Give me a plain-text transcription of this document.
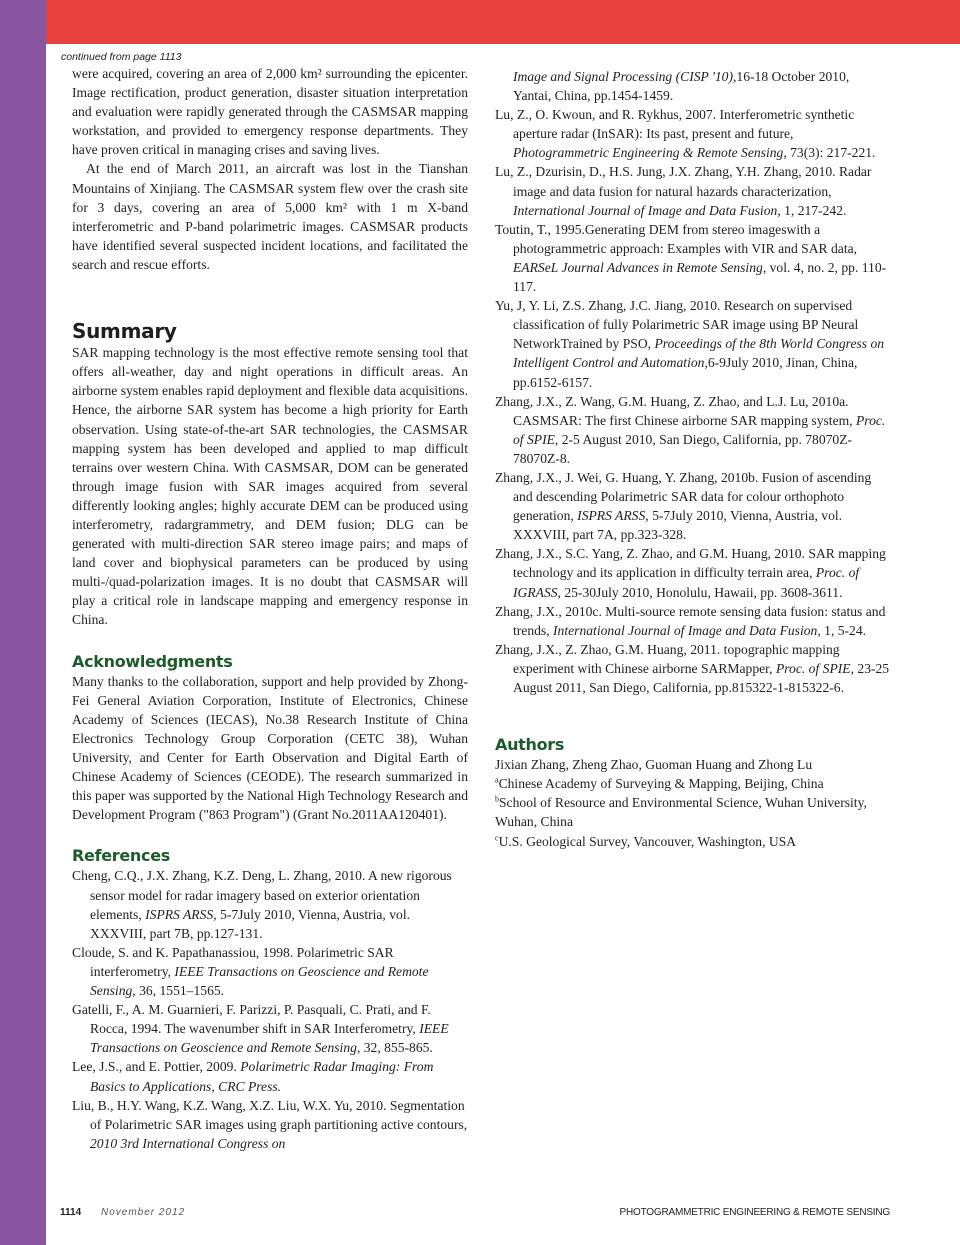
continued from page 1113

were acquired, covering an area of 2,000 km² surrounding the epicenter. Image rectification, product generation, disaster situation interpretation and evaluation were rapidly generated through the CASMSAR mapping workstation, and provided to emergency response departments. They have proven critical in managing crises and saving lives.

At the end of March 2011, an aircraft was lost in the Tianshan Mountains of Xinjiang. The CASMSAR system flew over the crash site for 3 days, covering an area of 5,000 km² with 1 m X-band interferometric and P-band polarimetric images. CASMSAR products have identified several suspected incident locations, and facilitated the search and rescue efforts.

Summary

SAR mapping technology is the most effective remote sensing tool that offers all-weather, day and night operations in difficult areas. An airborne system enables rapid deployment and flexible data acquisitions. Hence, the airborne SAR system has become a high priority for Earth observation. Using state-of-the-art SAR technologies, the CASMSAR mapping system has been developed and applied to map difficult terrains over western China. With CASMSAR, DOM can be generated through image fusion with SAR images acquired from several differently looking angles; highly accurate DEM can be produced using interferometry, radargrammetry, and DEM fusion; DLG can be generated with multi-direction SAR stereo image pairs; and maps of land cover and biophysical parameters can be produced by using multi-/quad-polarization images. It is no doubt that CASMSAR will play a critical role in landscape mapping and emergency response in China.

Acknowledgments

Many thanks to the collaboration, support and help provided by Zhong-Fei General Aviation Corporation, Institute of Electronics, Chinese Academy of Sciences (IECAS), No.38 Research Institute of China Electronics Technology Group Corporation (CETC 38), Wuhan University, and Center for Earth Observation and Digital Earth of Chinese Academy of Sciences (CEODE). The research summarized in this paper was supported by the National High Technology Research and Development Program ("863 Program") (Grant No.2011AA120401).

References

Cheng, C.Q., J.X. Zhang, K.Z. Deng, L. Zhang, 2010. A new rigorous sensor model for radar imagery based on exterior orientation elements, ISPRS ARSS, 5-7July 2010, Vienna, Austria, vol. XXXVIII, part 7B, pp.127-131.

Cloude, S. and K. Papathanassiou, 1998. Polarimetric SAR interferometry, IEEE Transactions on Geoscience and Remote Sensing, 36, 1551–1565.

Gatelli, F., A. M. Guarnieri, F. Parizzi, P. Pasquali, C. Prati, and F. Rocca, 1994. The wavenumber shift in SAR Interferometry, IEEE Transactions on Geoscience and Remote Sensing, 32, 855-865.

Lee, J.S., and E. Pottier, 2009. Polarimetric Radar Imaging: From Basics to Applications, CRC Press.

Liu, B., H.Y. Wang, K.Z. Wang, X.Z. Liu, W.X. Yu, 2010. Segmentation of Polarimetric SAR images using graph partitioning active contours, 2010 3rd International Congress on

Image and Signal Processing (CISP '10),16-18 October 2010, Yantai, China, pp.1454-1459.

Lu, Z., O. Kwoun, and R. Rykhus, 2007. Interferometric synthetic aperture radar (InSAR): Its past, present and future, Photogrammetric Engineering & Remote Sensing, 73(3): 217-221.

Lu, Z., Dzurisin, D., H.S. Jung, J.X. Zhang, Y.H. Zhang, 2010. Radar image and data fusion for natural hazards characterization, International Journal of Image and Data Fusion, 1, 217-242.

Toutin, T., 1995.Generating DEM from stereo imageswith a photogrammetric approach: Examples with VIR and SAR data, EARSeL Journal Advances in Remote Sensing, vol. 4, no. 2, pp. 110-117.

Yu, J, Y. Li, Z.S. Zhang, J.C. Jiang, 2010. Research on supervised classification of fully Polarimetric SAR image using BP Neural NetworkTrained by PSO, Proceedings of the 8th World Congress on Intelligent Control and Automation,6-9July 2010, Jinan, China, pp.6152-6157.

Zhang, J.X., Z. Wang, G.M. Huang, Z. Zhao, and L.J. Lu, 2010a. CASMSAR: The first Chinese airborne SAR mapping system, Proc. of SPIE, 2-5 August 2010, San Diego, California, pp. 78070Z-78070Z-8.

Zhang, J.X., J. Wei, G. Huang, Y. Zhang, 2010b. Fusion of ascending and descending Polarimetric SAR data for colour orthophoto generation, ISPRS ARSS, 5-7July 2010, Vienna, Austria, vol. XXXVIII, part 7A, pp.323-328.

Zhang, J.X., S.C. Yang, Z. Zhao, and G.M. Huang, 2010. SAR mapping technology and its application in difficulty terrain area, Proc. of IGRASS, 25-30July 2010, Honolulu, Hawaii, pp. 3608-3611.

Zhang, J.X., 2010c. Multi-source remote sensing data fusion: status and trends, International Journal of Image and Data Fusion, 1, 5-24.

Zhang, J.X., Z. Zhao, G.M. Huang, 2011. topographic mapping experiment with Chinese airborne SARMapper, Proc. of SPIE, 23-25 August 2011, San Diego, California, pp.815322-1-815322-6.

Authors

Jixian Zhang, Zheng Zhao, Guoman Huang and Zhong Lu

$^a$Chinese Academy of Surveying & Mapping, Beijing, China

$^b$School of Resource and Environmental Science, Wuhan University, Wuhan, China

$^c$U.S. Geological Survey, Vancouver, Washington, USA

1114 November 2012	PHOTOGRAMMETRIC ENGINEERING & REMOTE SENSING
